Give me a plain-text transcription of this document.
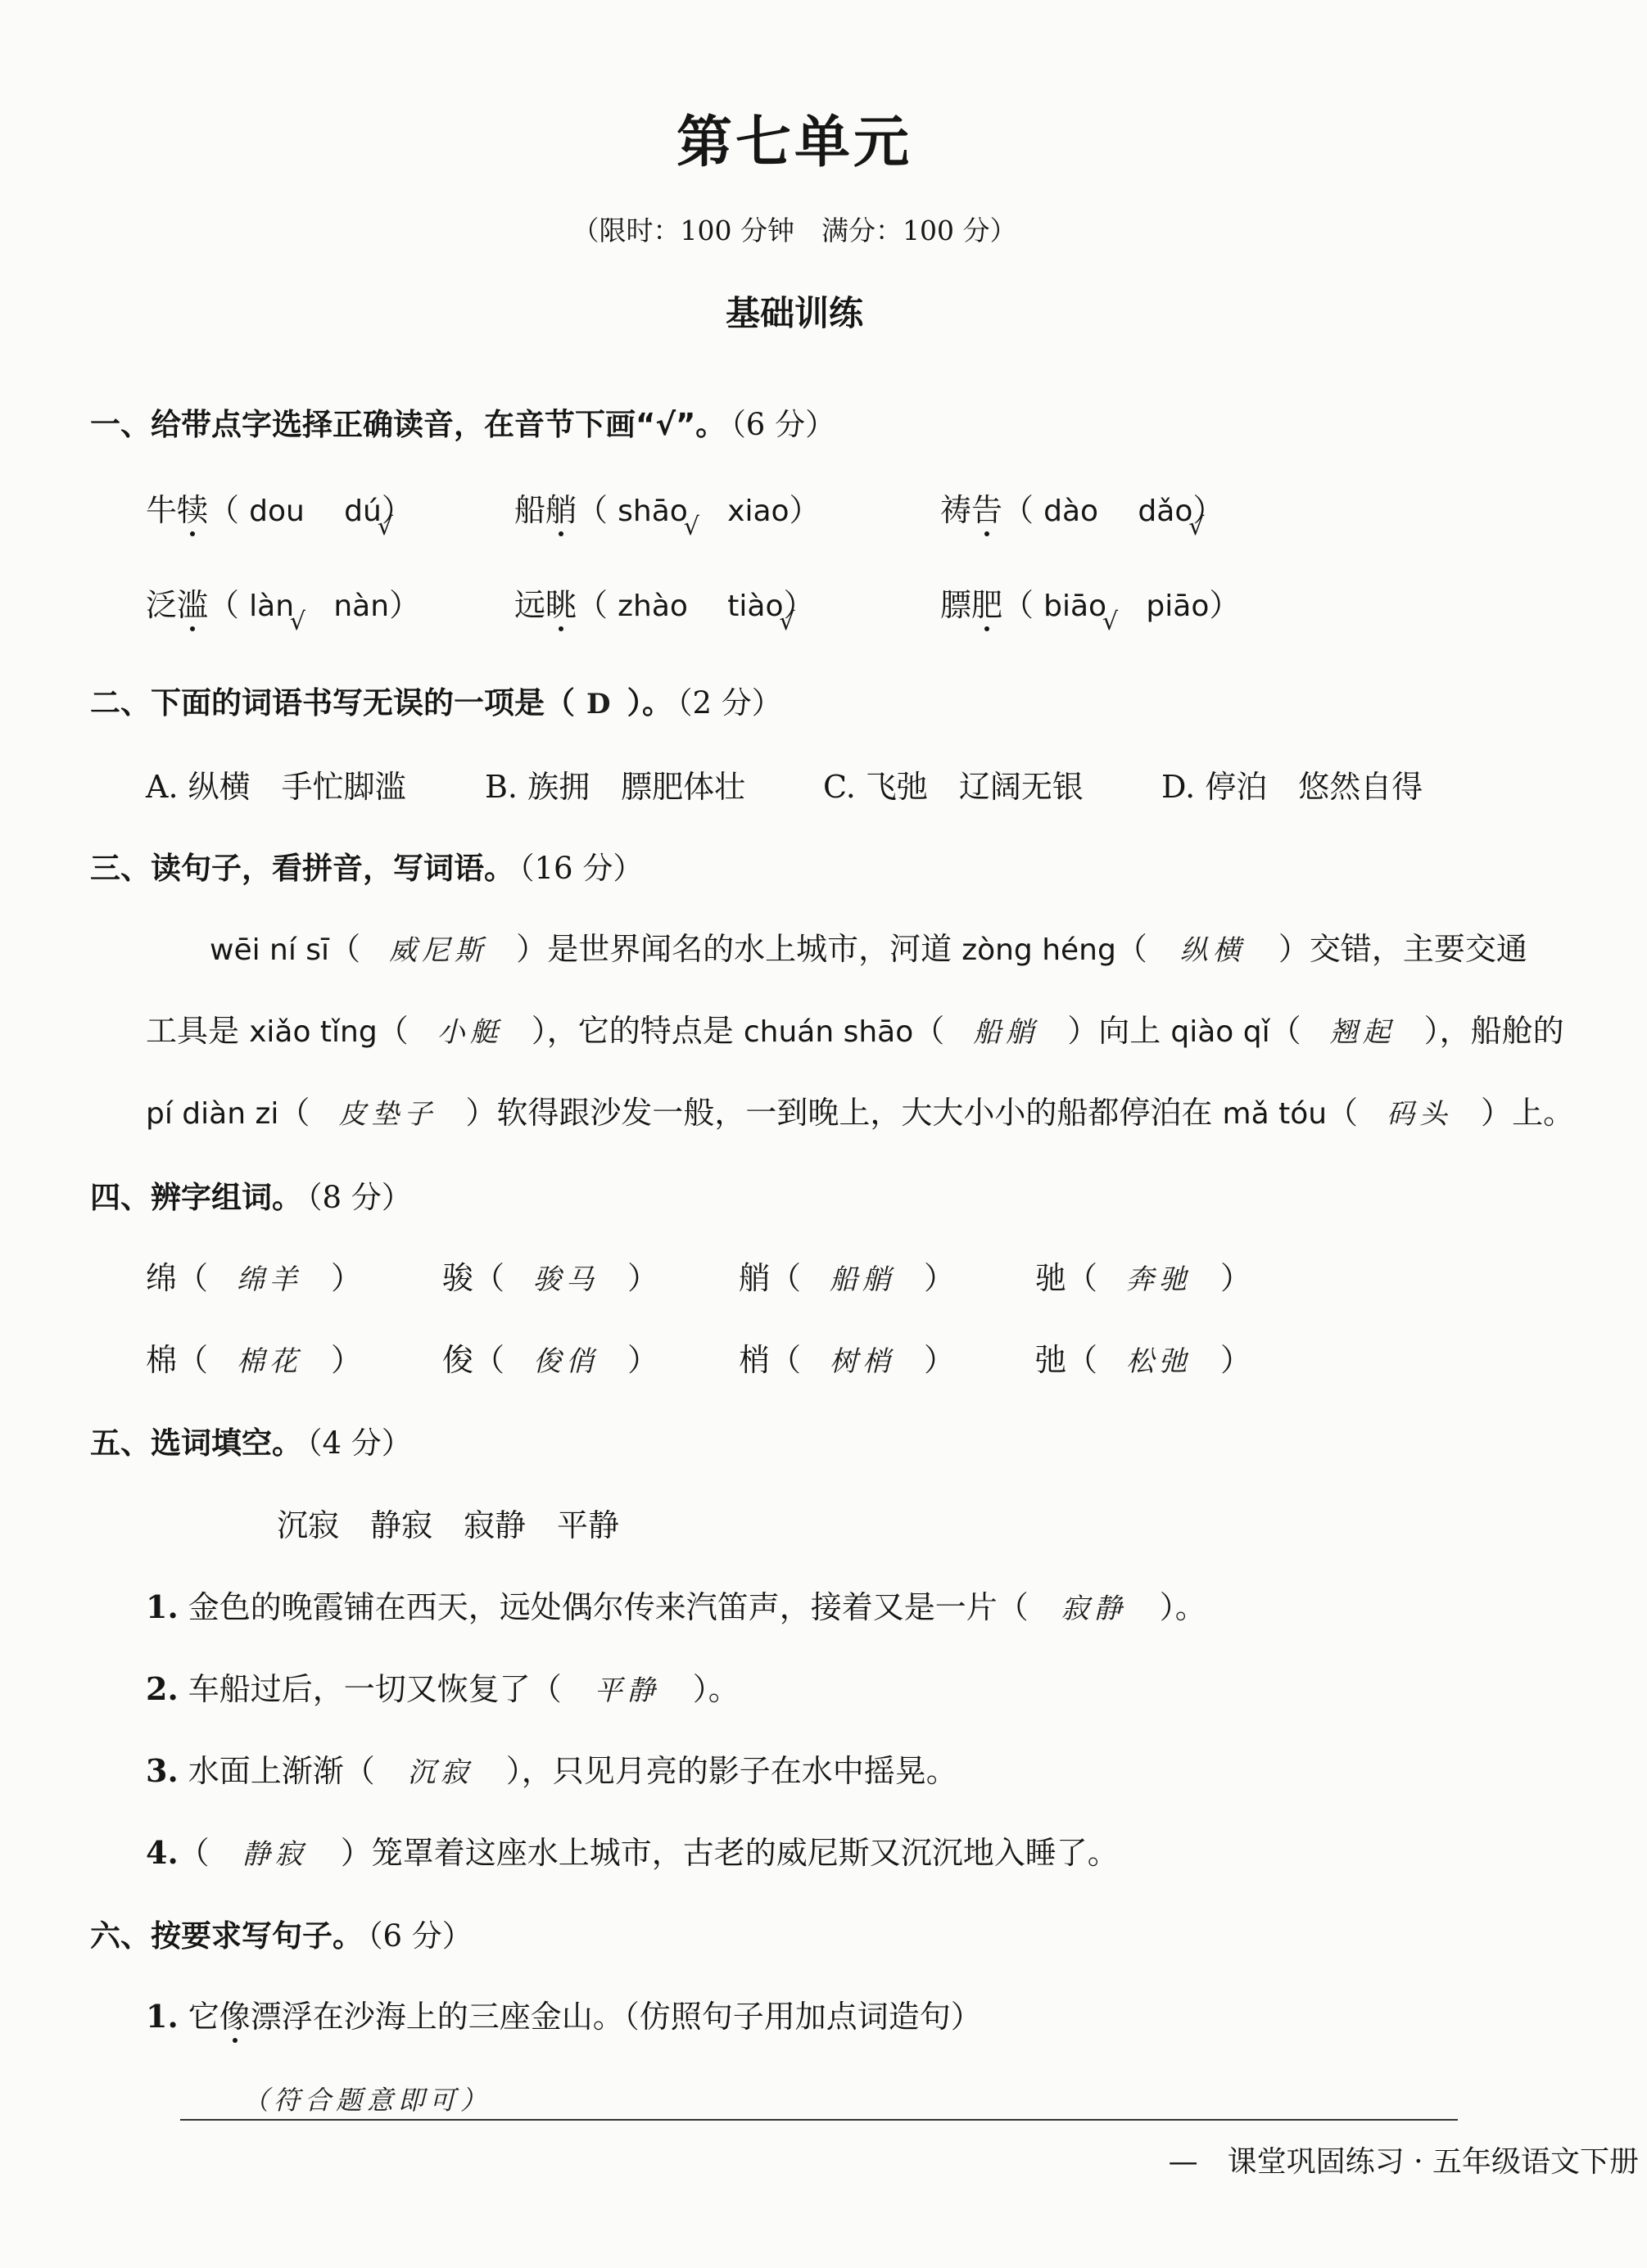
第七单元
（限时：100 分钟　满分：100 分）
基础训练
一、给带点字选择正确读音，在音节下画“√”。 （6 分）
牛犊（ dou dú √）	船艄（ shāo √ xiao）	祷告（ dào dǎo √）
泛滥（ làn √ nàn）	远眺（ zhào tiào √）	膘肥（ biāo √ piāo）
二、下面的词语书写无误的一项是（ D ）。 （2 分）
A. 纵横　手忙脚滥	B. 族拥　膘肥体壮 C. 飞弛　辽阔无银	D. 停泊　悠然自得
三、读句子，看拼音，写词语。 （16 分）
wēi ní sī（ 威尼斯 ）是世界闻名的水上城市，河道 zòng héng（ 纵横 ）交错，主要交通
工具是 xiǎo tǐng（ 小艇 ），它的特点是 chuán shāo（ 船艄 ）向上 qiào qǐ（ 翘起 ），船舱的
pí diàn zi（ 皮垫子 ）软得跟沙发一般，一到晚上，大大小小的船都停泊在 mǎ tóu（ 码头 ）上。
四、辨字组词。 （8 分）
绵（ 绵羊 ）	骏（ 骏马 ）	艄（ 船艄 ）	驰（ 奔驰 ）
棉（ 棉花 ）	俊（ 俊俏 ）	梢（ 树梢 ）	弛（ 松弛 ）
五、选词填空。 （4 分）
沉寂　静寂　寂静　平静
1. 金色的晚霞铺在西天，远处偶尔传来汽笛声，接着又是一片（ 寂静 ）。
2. 车船过后，一切又恢复了（ 平静 ）。
3. 水面上渐渐（ 沉寂 ），只见月亮的影子在水中摇晃。
4.（ 静寂 ）笼罩着这座水上城市，古老的威尼斯又沉沉地入睡了。
六、按要求写句子。 （6 分）
1. 它像漂浮在沙海上的三座金山。（仿照句子用加点词造句）
（符合题意即可）
—　课堂巩固练习 · 五年级语文下册
